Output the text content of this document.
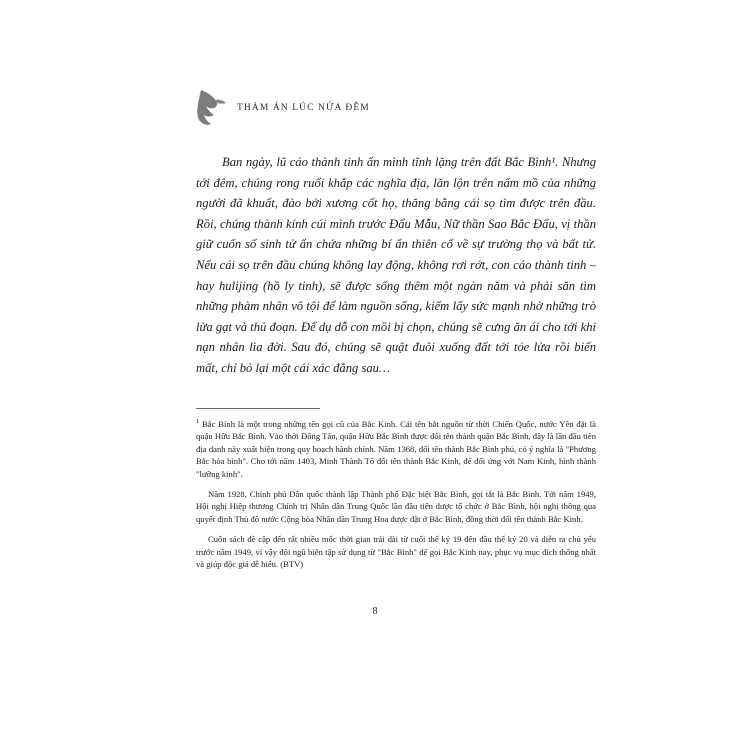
THẢM ÁN LÚC NỬA ĐÊM

Ban ngày, lũ cáo thành tinh ẩn mình tĩnh lặng trên đất Bắc Bình¹. Nhưng tới đêm, chúng rong ruổi khắp các nghĩa địa, lăn lộn trên nấm mồ của những người đã khuất, đào bới xương cốt họ, thăng bằng cái sọ tìm được trên đầu. Rồi, chúng thành kính cúi mình trước Đẩu Mẫu, Nữ thần Sao Bắc Đẩu, vị thần giữ cuốn sổ sinh tử ẩn chứa những bí ẩn thiên cổ về sự trường thọ và bất tử. Nếu cái sọ trên đầu chúng không lay động, không rơi rớt, con cáo thành tinh – hay hulijing (hồ ly tinh), sẽ được sống thêm một ngàn năm và phải săn tìm những phàm nhân vô tội để làm nguồn sống, kiếm lấy sức mạnh nhờ những trò lừa gạt và thủ đoạn. Để dụ dỗ con mồi bị chọn, chúng sẽ cưng ăn ái cho tới khi nạn nhân lìa đời. Sau đó, chúng sẽ quật đuôi xuống đất tới tóe lửa rồi biến mất, chỉ bỏ lại một cái xác đằng sau…

$^1$ Bắc Bình là một trong những tên gọi cũ của Bắc Kinh. Cái tên bắt nguồn từ thời Chiến Quốc, nước Yên đặt là quận Hữu Bắc Bình. Vào thời Đông Tấn, quận Hữu Bắc Bình được đổi tên thành quận Bắc Bình, đây là lần đầu tiên địa danh này xuất hiện trong quy hoạch hành chính. Năm 1368, đổi tên thành Bắc Bình phủ, có ý nghĩa là "Phương Bắc hòa bình". Cho tới năm 1403, Minh Thành Tổ đổi tên thành Bắc Kinh, để đối ứng với Nam Kinh, hình thành "lưỡng kinh".

Năm 1928, Chính phủ Dân quốc thành lập Thành phố Đặc biệt Bắc Bình, gọi tắt là Bắc Bình. Tới năm 1949, Hội nghị Hiệp thương Chính trị Nhân dân Trung Quốc lần đầu tiên được tổ chức ở Bắc Bình, hội nghị thông qua quyết định Thủ đô nước Cộng hòa Nhân dân Trung Hoa được đặt ở Bắc Bình, đồng thời đổi tên thành Bắc Kinh.

Cuốn sách đề cập đến rất nhiều mốc thời gian trải dài từ cuối thế kỷ 19 đến đầu thế kỷ 20 và diễn ra chủ yếu trước năm 1949, vì vậy đội ngũ biên tập sử dụng từ "Bắc Bình" để gọi Bắc Kinh nay, phục vụ mục đích thống nhất và giúp độc giả dễ hiểu. (BTV)

8
